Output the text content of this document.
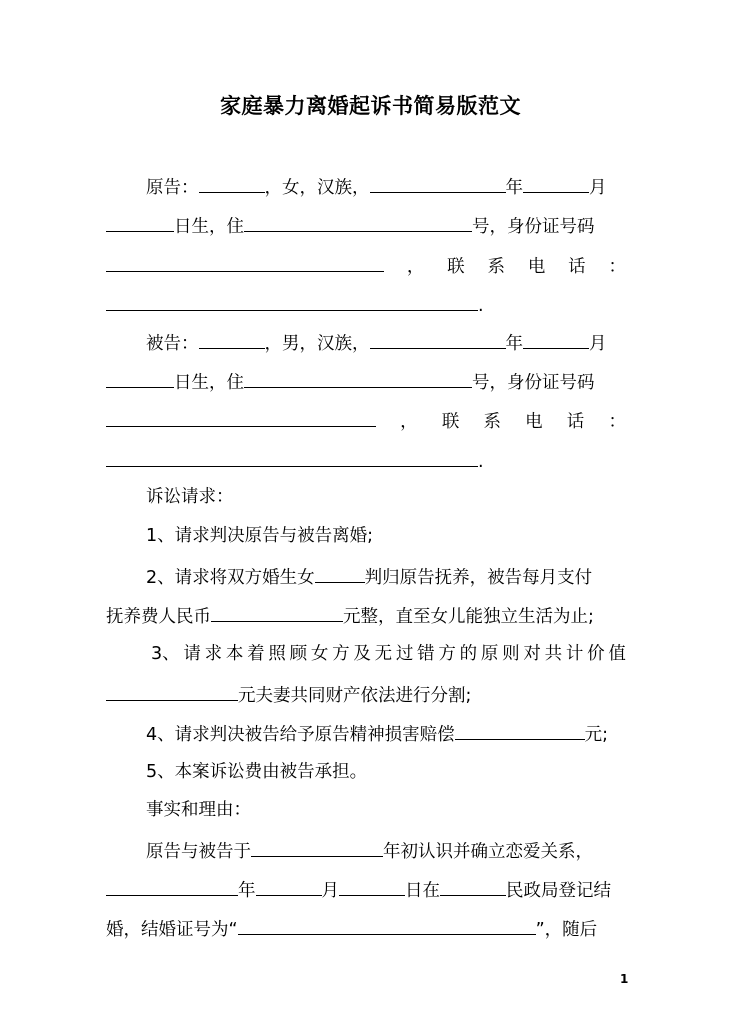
家庭暴力离婚起诉书简易版范文
原告：	，女，汉族，	年	月
日生，住	号，身份证号码
， 联 系 电 话 ：
.
被告：	，男，汉族，	年	月
日生，住	号，身份证号码
， 联 系 电 话 ：
.
诉讼请求：
1、请求判决原告与被告离婚;
2、请求将双方婚生女	判归原告抚养，被告每月支付
抚养费人民币	元整，直至女儿能独立生活为止;
3、 请 求 本 着 照 顾 女 方 及 无 过 错 方 的 原 则 对 共 计 价 值
元夫妻共同财产依法进行分割;
4、请求判决被告给予原告精神损害赔偿	元;
5、本案诉讼费由被告承担。
事实和理由：
原告与被告于	年初认识并确立恋爱关系，
年	月	日在	民政局登记结
婚，结婚证号为“	”，随后
1
